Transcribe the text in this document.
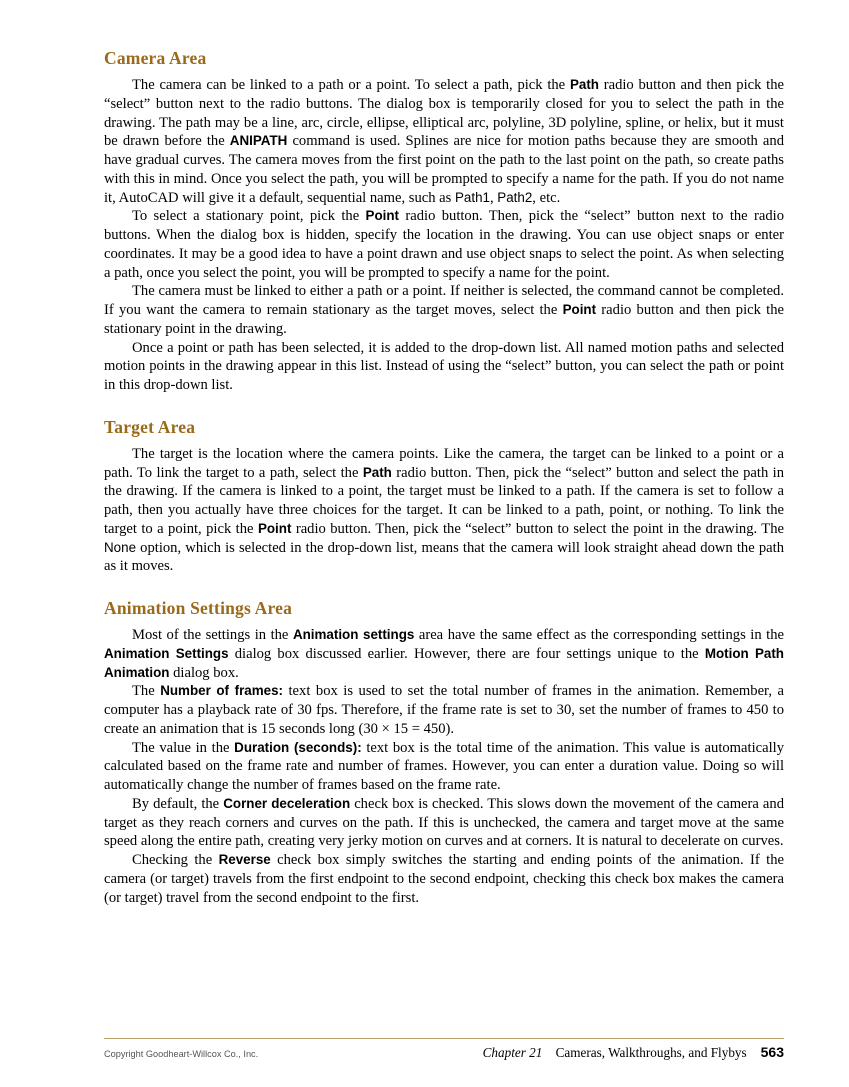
Camera Area

The camera can be linked to a path or a point. To select a path, pick the Path radio button and then pick the “select” button next to the radio buttons. The dialog box is temporarily closed for you to select the path in the drawing. The path may be a line, arc, circle, ellipse, elliptical arc, polyline, 3D polyline, spline, or helix, but it must be drawn before the ANIPATH command is used. Splines are nice for motion paths because they are smooth and have gradual curves. The camera moves from the first point on the path to the last point on the path, so create paths with this in mind. Once you select the path, you will be prompted to specify a name for the path. If you do not name it, AutoCAD will give it a default, sequential name, such as Path1, Path2, etc.

To select a stationary point, pick the Point radio button. Then, pick the “select” button next to the radio buttons. When the dialog box is hidden, specify the location in the drawing. You can use object snaps or enter coordinates. It may be a good idea to have a point drawn and use object snaps to select the point. As when selecting a path, once you select the point, you will be prompted to specify a name for the point.

The camera must be linked to either a path or a point. If neither is selected, the command cannot be completed. If you want the camera to remain stationary as the target moves, select the Point radio button and then pick the stationary point in the drawing.

Once a point or path has been selected, it is added to the drop-down list. All named motion paths and selected motion points in the drawing appear in this list. Instead of using the “select” button, you can select the path or point in this drop-down list.

Target Area

The target is the location where the camera points. Like the camera, the target can be linked to a point or a path. To link the target to a path, select the Path radio button. Then, pick the “select” button and select the path in the drawing. If the camera is linked to a point, the target must be linked to a path. If the camera is set to follow a path, then you actually have three choices for the target. It can be linked to a path, point, or nothing. To link the target to a point, pick the Point radio button. Then, pick the “select” button to select the point in the drawing. The None option, which is selected in the drop-down list, means that the camera will look straight ahead down the path as it moves.

Animation Settings Area

Most of the settings in the Animation settings area have the same effect as the corresponding settings in the Animation Settings dialog box discussed earlier. However, there are four settings unique to the Motion Path Animation dialog box.

The Number of frames: text box is used to set the total number of frames in the animation. Remember, a computer has a playback rate of 30 fps. Therefore, if the frame rate is set to 30, set the number of frames to 450 to create an animation that is 15 seconds long (30 × 15 = 450).

The value in the Duration (seconds): text box is the total time of the animation. This value is automatically calculated based on the frame rate and number of frames. However, you can enter a duration value. Doing so will automatically change the number of frames based on the frame rate.

By default, the Corner deceleration check box is checked. This slows down the movement of the camera and target as they reach corners and curves on the path. If this is unchecked, the camera and target move at the same speed along the entire path, creating very jerky motion on curves and at corners. It is natural to decelerate on curves.

Checking the Reverse check box simply switches the starting and ending points of the animation. If the camera (or target) travels from the first endpoint to the second endpoint, checking this check box makes the camera (or target) travel from the second endpoint to the first.

Copyright Goodheart-Willcox Co., Inc.	Chapter 21 Cameras, Walkthroughs, and Flybys	563
